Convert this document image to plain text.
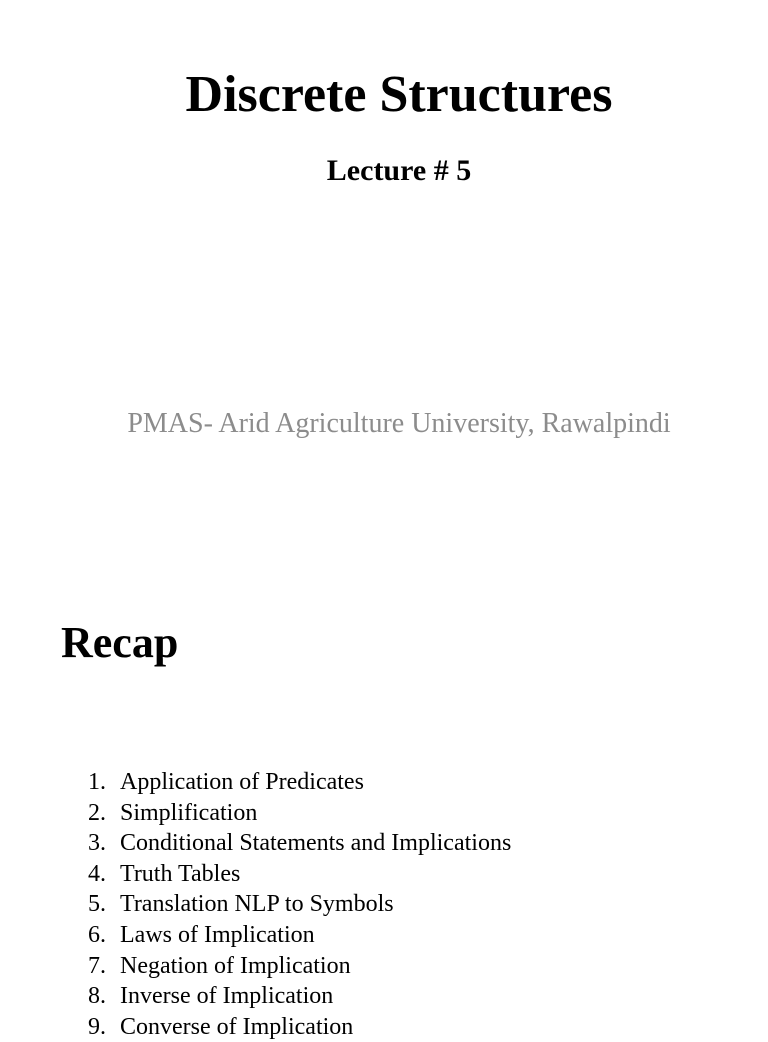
Discrete Structures
Lecture # 5
PMAS- Arid Agriculture University, Rawalpindi
Recap
1. Application of Predicates
2. Simplification
3. Conditional Statements and Implications
4. Truth Tables
5. Translation NLP to Symbols
6. Laws of Implication
7. Negation of Implication
8. Inverse of Implication
9. Converse of Implication
